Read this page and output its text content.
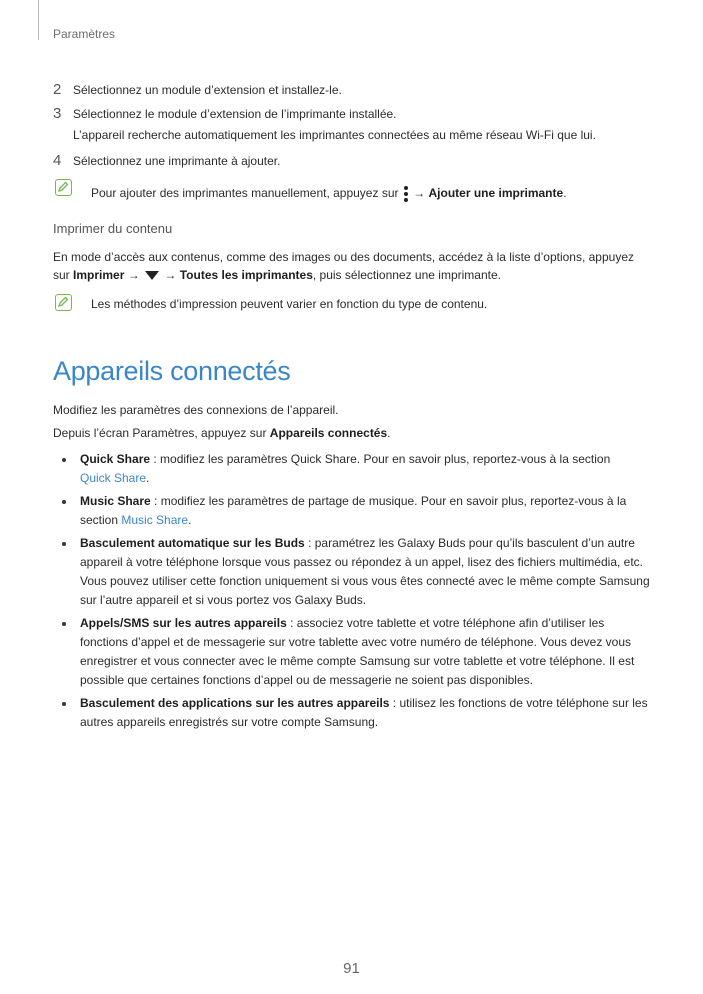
Paramètres
2 Sélectionnez un module d’extension et installez-le.
3 Sélectionnez le module d’extension de l’imprimante installée.
L’appareil recherche automatiquement les imprimantes connectées au même réseau Wi-Fi que lui.
4 Sélectionnez une imprimante à ajouter.
Pour ajouter des imprimantes manuellement, appuyez sur
→ Ajouter une imprimante.
Imprimer du contenu
En mode d’accès aux contenus, comme des images ou des documents, accédez à la liste d’options, appuyez
sur Imprimer →  → Toutes les imprimantes, puis sélectionnez une imprimante.
Les méthodes d’impression peuvent varier en fonction du type de contenu.
Appareils connectés
Modifiez les paramètres des connexions de l’appareil.
Depuis l’écran Paramètres, appuyez sur Appareils connectés.
Quick Share : modifiez les paramètres Quick Share. Pour en savoir plus, reportez-vous à la section
Quick Share.
Music Share : modifiez les paramètres de partage de musique. Pour en savoir plus, reportez-vous à la section Music Share.
Basculement automatique sur les Buds : paramétrez les Galaxy Buds pour qu’ils basculent d’un autre appareil à votre téléphone lorsque vous passez ou répondez à un appel, lisez des fichiers multimédia, etc. Vous pouvez utiliser cette fonction uniquement si vous vous êtes connecté avec le même compte Samsung sur l’autre appareil et si vous portez vos Galaxy Buds.
Appels/SMS sur les autres appareils : associez votre tablette et votre téléphone afin d’utiliser les fonctions d’appel et de messagerie sur votre tablette avec votre numéro de téléphone. Vous devez vous enregistrer et vous connecter avec le même compte Samsung sur votre tablette et votre téléphone. Il est possible que certaines fonctions d’appel ou de messagerie ne soient pas disponibles.
Basculement des applications sur les autres appareils : utilisez les fonctions de votre téléphone sur les autres appareils enregistrés sur votre compte Samsung.
91
